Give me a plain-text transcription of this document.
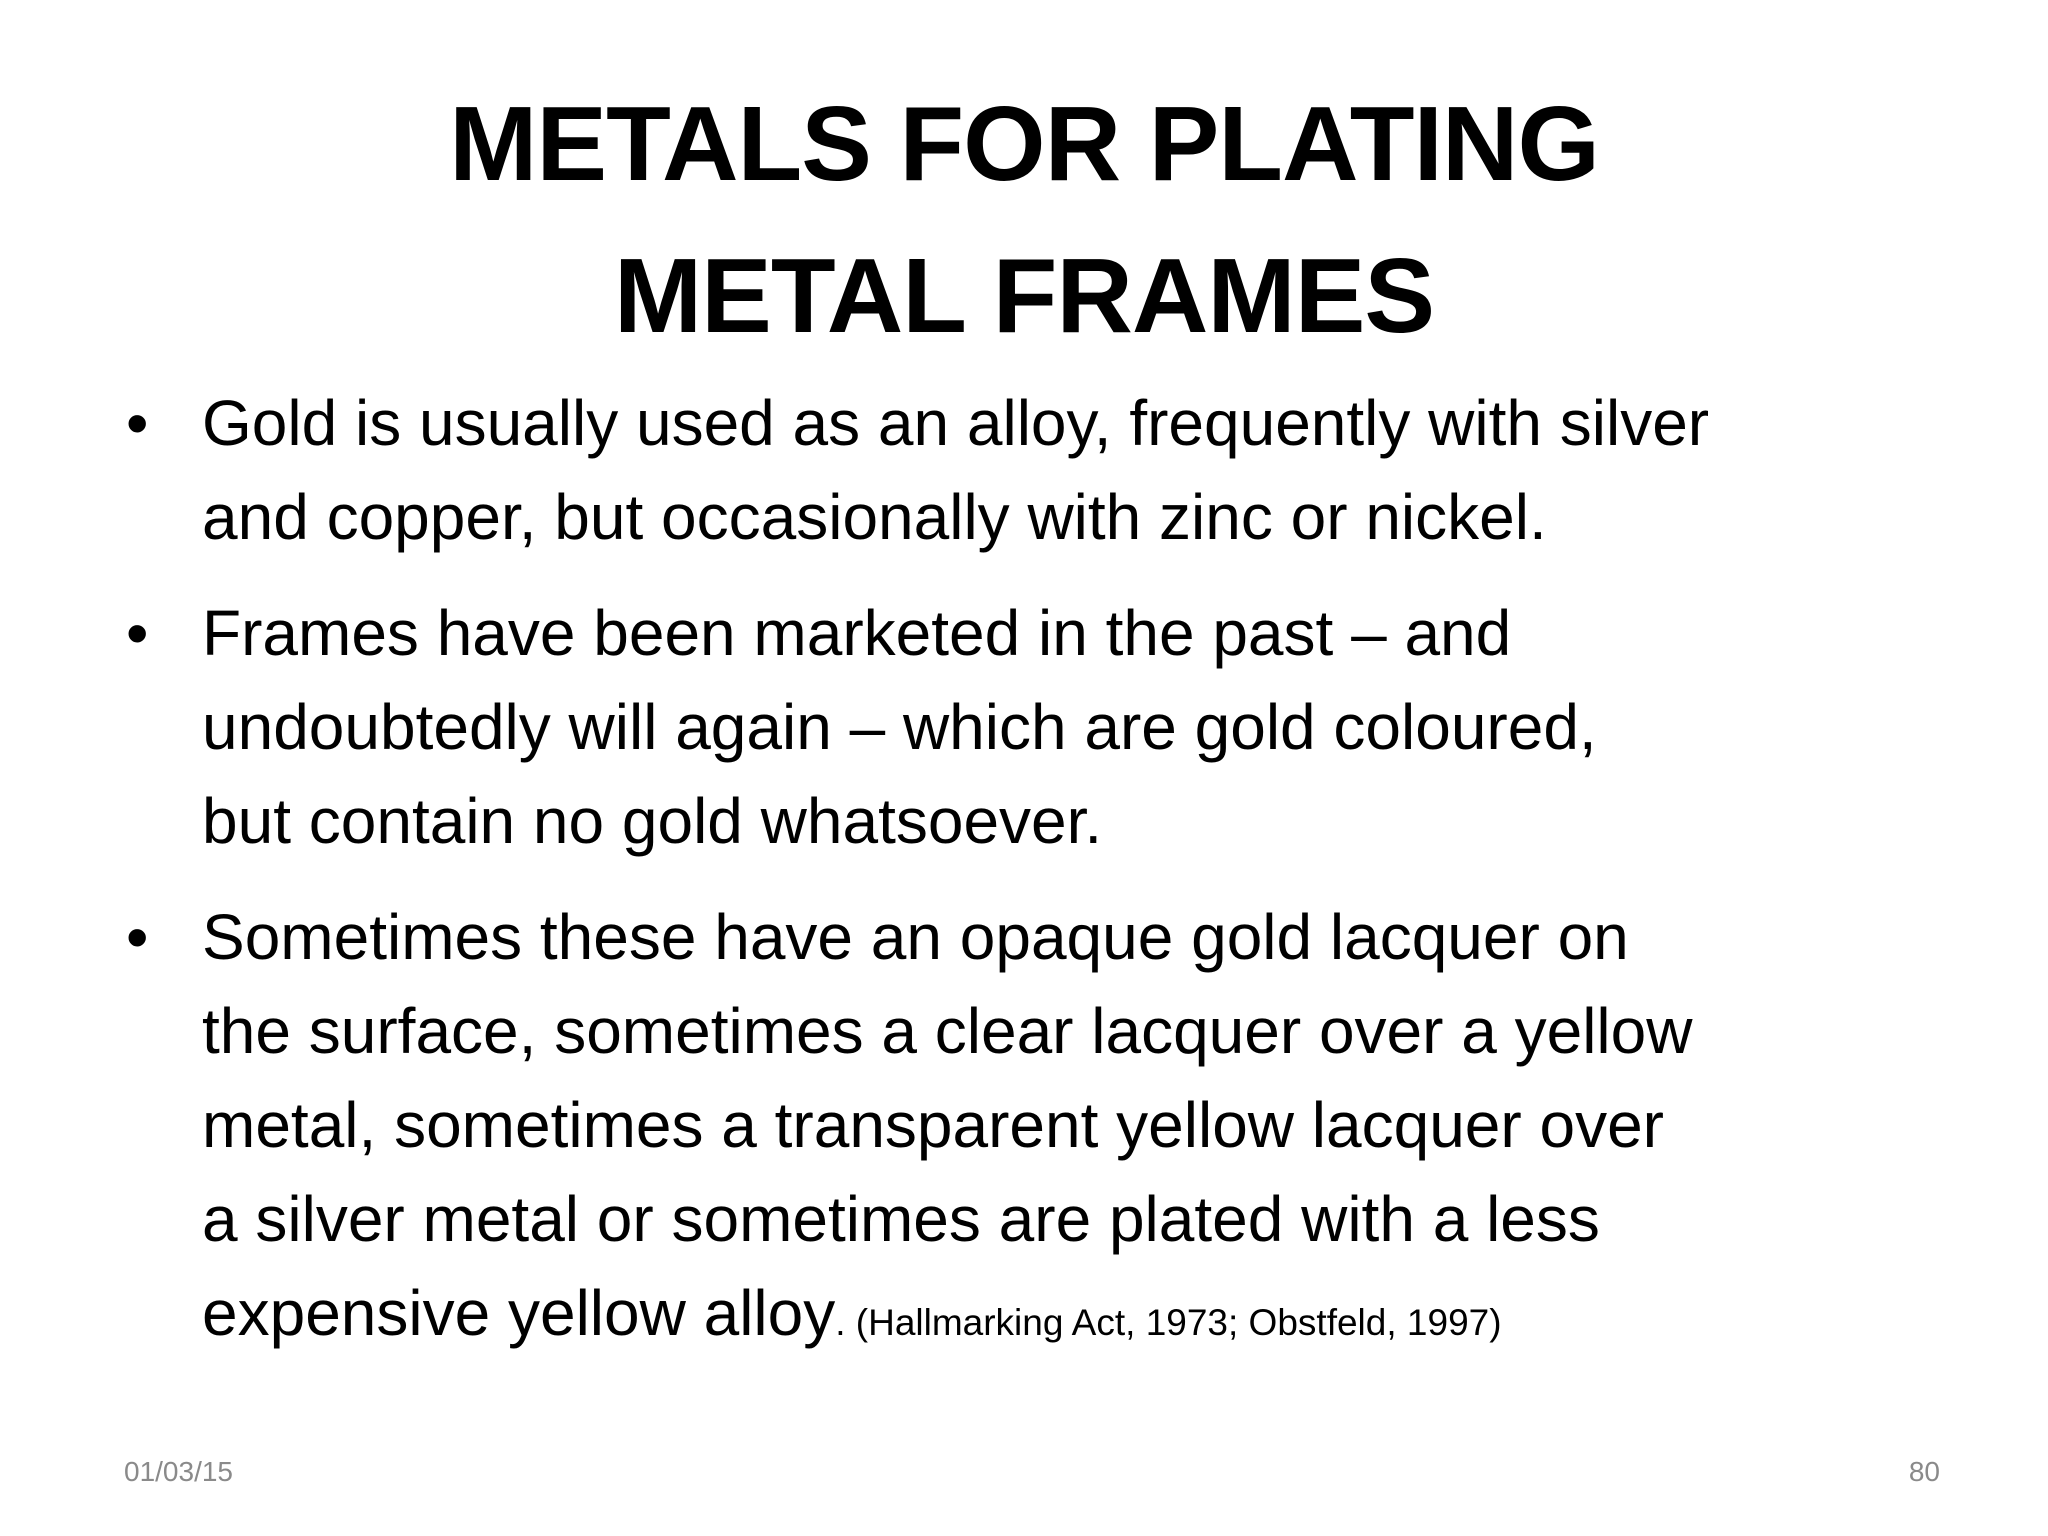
METALS FOR PLATING
METAL FRAMES
• Gold is usually used as an alloy, frequently with silver
and copper, but occasionally with zinc or nickel.
• Frames have been marketed in the past – and
undoubtedly will again – which are gold coloured,
but contain no gold whatsoever.
• Sometimes these have an opaque gold lacquer on
the surface, sometimes a clear lacquer over a yellow
metal, sometimes a transparent yellow lacquer over
a silver metal or sometimes are plated with a less
expensive yellow alloy. (Hallmarking Act, 1973; Obstfeld, 1997)
01/03/15	80
